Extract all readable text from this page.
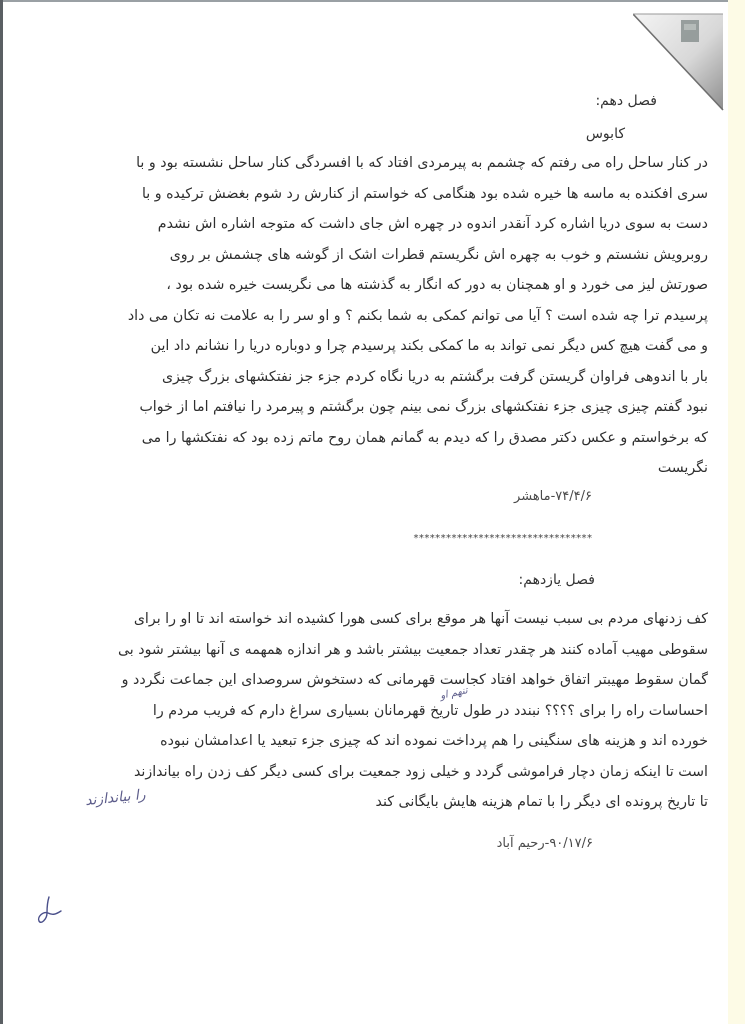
فصل دهم:
کابوس
در کنار ساحل راه می رفتم که چشمم به پیرمردی افتاد که با افسردگی کنار ساحل نشسته بود و با
سری افکنده به ماسه ها خیره شده بود هنگامی که خواستم از کنارش رد شوم بغضش ترکیده و با
دست به سوی دریا اشاره کرد آنقدر اندوه در چهره اش جای داشت که متوجه اشاره اش نشدم
روبرویش نشستم و خوب به چهره اش نگریستم قطرات اشک از گوشه های چشمش بر روی
صورتش لیز می خورد و او همچنان به دور که انگار به گذشته ها می نگریست خیره شده بود ،
پرسیدم ترا چه شده است ؟ آیا می توانم کمکی به شما بکنم ؟ و او سر را به علامت نه تکان می داد
و می گفت هیچ کس دیگر نمی تواند به ما کمکی بکند پرسیدم چرا و دوباره دریا را نشانم داد این
بار با اندوهی فراوان گریستن گرفت برگشتم به دریا نگاه کردم جزء جز نفتکشهای بزرگ چیزی
نبود گفتم چیزی چیزی جزء نفتکشهای بزرگ نمی بینم چون برگشتم و پیرمرد را نیافتم اما از خواب
که برخواستم و عکس دکتر مصدق را که دیدم به گمانم همان روح ماتم زده بود که نفتکشها را می
نگریست
۷۴/۴/۶-ماهشر
*********************************
فصل یازدهم:
کف زدنهای مردم بی سبب نیست آنها هر موقع برای کسی هورا کشیده اند خواسته اند تا او را برای
سقوطی مهیب آماده کنند هر چقدر تعداد جمعیت بیشتر باشد و هر اندازه همهمه ی آنها بیشتر شود بی
گمان سقوط مهیبتر اتفاق خواهد افتاد کجاست قهرمانی که دستخوش سروصدای این جماعت نگردد و
احساسات راه را برای ؟؟؟؟ نبندد در طول تاریخ قهرمانان بسیاری سراغ دارم که فریب مردم را
خورده اند و هزینه های سنگینی را هم پرداخت نموده اند که چیزی جزء تبعید یا اعدامشان نبوده
است تا اینکه زمان دچار فراموشی گردد و خیلی زود جمعیت برای کسی دیگر کف زدن راه بیاندازند
تا تاریخ پرونده ای دیگر را با تمام هزینه هایش بایگانی کند
۹۰/۱۷/۶-رحیم آباد
تنهم او
را بیاندازند
